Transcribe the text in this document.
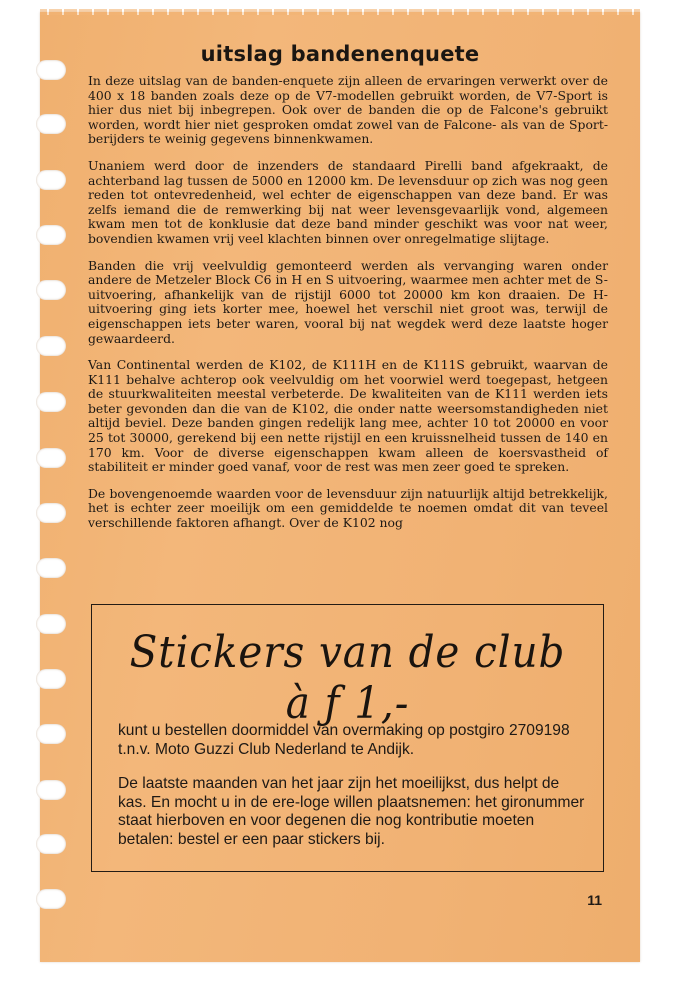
uitslag bandenenquete

In deze uitslag van de banden-enquete zijn alleen de ervaringen verwerkt over de 400 x 18 banden zoals deze op de V7-modellen gebruikt worden, de V7-Sport is hier dus niet bij inbegrepen. Ook over de banden die op de Falcone's gebruikt worden, wordt hier niet gesproken omdat zowel van de Falcone- als van de Sport-berijders te weinig gegevens binnenkwamen.

Unaniem werd door de inzenders de standaard Pirelli band afgekraakt, de achterband lag tussen de 5000 en 12000 km. De levensduur op zich was nog geen reden tot ontevredenheid, wel echter de eigenschappen van deze band. Er was zelfs iemand die de remwerking bij nat weer levensgevaarlijk vond, algemeen kwam men tot de konklusie dat deze band minder geschikt was voor nat weer, bovendien kwamen vrij veel klachten binnen over onregelmatige slijtage.

Banden die vrij veelvuldig gemonteerd werden als vervanging waren onder andere de Metzeler Block C6 in H en S uitvoering, waarmee men achter met de S-uitvoering, afhankelijk van de rijstijl 6000 tot 20000 km kon draaien. De H-uitvoering ging iets korter mee, hoewel het verschil niet groot was, terwijl de eigenschappen iets beter waren, vooral bij nat wegdek werd deze laatste hoger gewaardeerd.

Van Continental werden de K102, de K111H en de K111S gebruikt, waarvan de K111 behalve achterop ook veelvuldig om het voorwiel werd toegepast, hetgeen de stuurkwaliteiten meestal verbeterde. De kwaliteiten van de K111 werden iets beter gevonden dan die van de K102, die onder natte weersomstandigheden niet altijd beviel. Deze banden gingen redelijk lang mee, achter 10 tot 20000 en voor 25 tot 30000, gerekend bij een nette rijstijl en een kruissnelheid tussen de 140 en 170 km. Voor de diverse eigenschappen kwam alleen de koersvastheid of stabiliteit er minder goed vanaf, voor de rest was men zeer goed te spreken.

De bovengenoemde waarden voor de levensduur zijn natuurlijk altijd betrekkelijk, het is echter zeer moeilijk om een gemiddelde te noemen omdat dit van teveel verschillende faktoren afhangt. Over de K102 nog

Stickers van de club à ƒ 1,-
kunt u bestellen doormiddel van overmaking op postgiro 2709198 t.n.v. Moto Guzzi Club Nederland te Andijk.
De laatste maanden van het jaar zijn het moeilijkst, dus helpt de kas. En mocht u in de ere-loge willen plaatsnemen: het gironummer staat hierboven en voor degenen die nog kontributie moeten betalen: bestel er een paar stickers bij.
11
